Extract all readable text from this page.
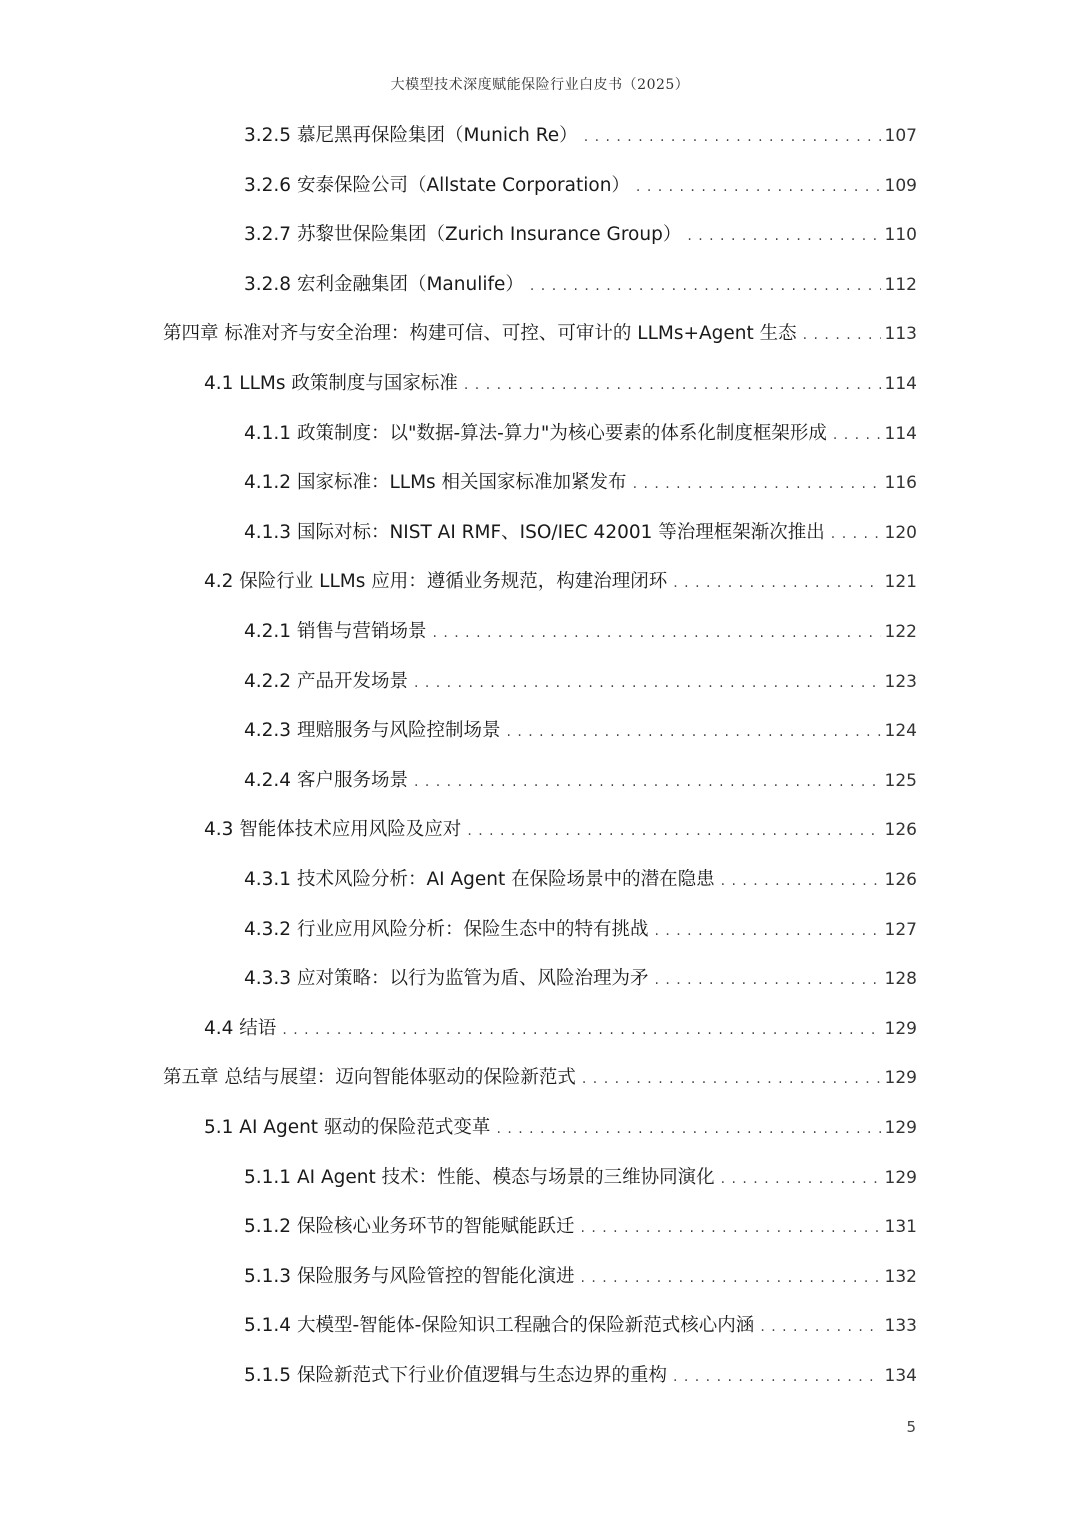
大模型技术深度赋能保险行业白皮书（2025）
3.2.5 慕尼黑再保险集团（Munich Re） . . .	107
3.2.6 安泰保险公司（Allstate Corporation） . . .	109
3.2.7 苏黎世保险集团（Zurich Insurance Group） . . .	110
3.2.8 宏利金融集团（Manulife） . . .	112
第四章 标准对齐与安全治理：构建可信、可控、可审计的 LLMs+Agent 生态 . . .	113
4.1 LLMs 政策制度与国家标准 . . .	114
4.1.1 政策制度：以"数据-算法-算力"为核心要素的体系化制度框架形成 . . .	114
4.1.2 国家标准：LLMs 相关国家标准加紧发布 . . .	116
4.1.3 国际对标：NIST AI RMF、ISO/IEC 42001 等治理框架渐次推出 . . .	120
4.2 保险行业 LLMs 应用：遵循业务规范，构建治理闭环 . . .	121
4.2.1 销售与营销场景 . . .	122
4.2.2 产品开发场景 . . .	123
4.2.3 理赔服务与风险控制场景 . . .	124
4.2.4 客户服务场景 . . .	125
4.3 智能体技术应用风险及应对 . . .	126
4.3.1 技术风险分析：AI Agent 在保险场景中的潜在隐患 . . .	126
4.3.2 行业应用风险分析：保险生态中的特有挑战 . . .	127
4.3.3 应对策略：以行为监管为盾、风险治理为矛 . . .	128
4.4 结语 . . .	129
第五章 总结与展望：迈向智能体驱动的保险新范式 . . .	129
5.1 AI Agent 驱动的保险范式变革 . . .	129
5.1.1 AI Agent 技术：性能、模态与场景的三维协同演化 . . .	129
5.1.2 保险核心业务环节的智能赋能跃迁 . . .	131
5.1.3 保险服务与风险管控的智能化演进 . . .	132
5.1.4 大模型-智能体-保险知识工程融合的保险新范式核心内涵 . . .	133
5.1.5 保险新范式下行业价值逻辑与生态边界的重构 . . .	134
5
